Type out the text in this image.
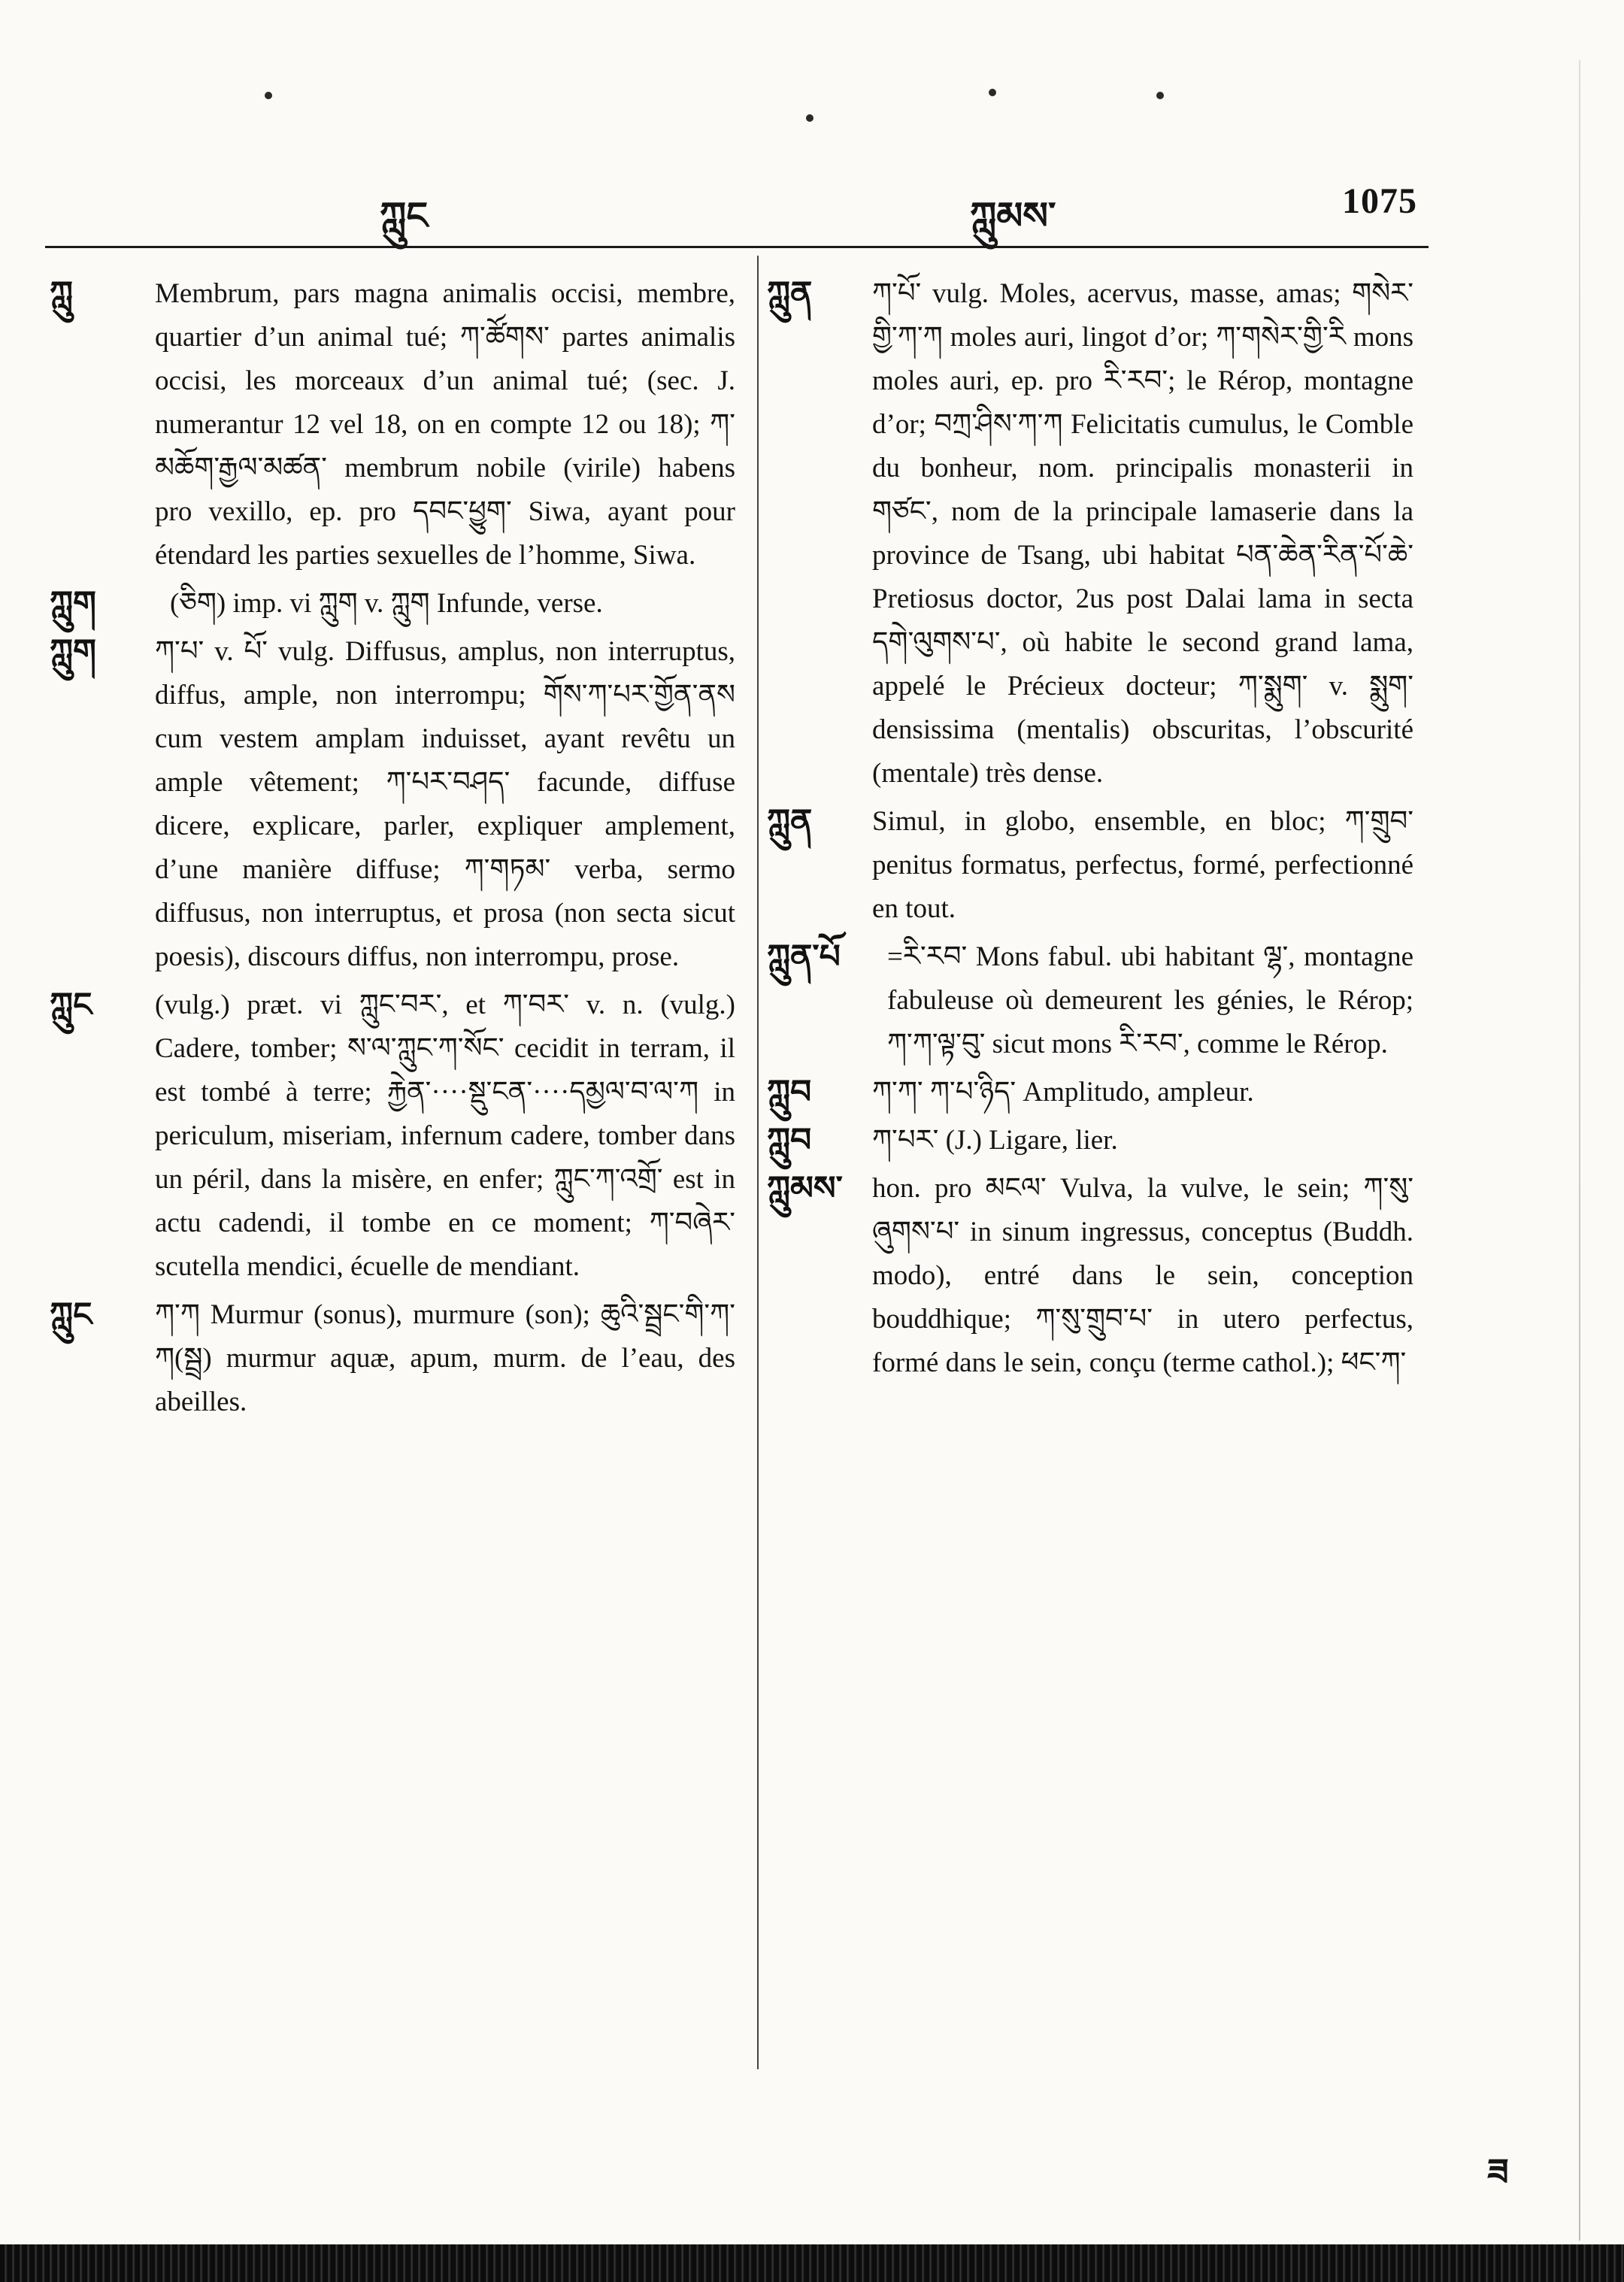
ཀླུང	ཀླུམས་	1075
ཀླུ	Membrum, pars magna animalis occisi, membre, quartier d’un animal tué; ཀ་ཚོགས་ partes animalis occisi, les morceaux d’un animal tué; (sec. J. numerantur 12 vel 18, on en compte 12 ou 18); ཀ་མཆོག་རྒྱལ་མཚན་ membrum nobile (virile) habens pro vexillo, ep. pro དབང་ཕྱུག་ Siwa, ayant pour étendard les parties sexuelles de l’homme, Siwa.
ཀླུག	(ཅིག) imp. vi ཀླུག v. ཀླུག Infunde, verse.
ཀླུག ཀ་པ་ v. པོ་ vulg. Diffusus, amplus, non interruptus, diffus, ample, non interrompu; གོས་ཀ་པར་གྱོན་ནས cum vestem amplam induisset, ayant revêtu un ample vêtement; ཀ་པར་བཤད་ facunde, diffuse dicere, explicare, parler, expliquer amplement, d’une manière diffuse; ཀ་གཏམ་ verba, sermo diffusus, non interruptus, et prosa (non secta sicut poesis), discours diffus, non interrompu, prose.
ཀླུང (vulg.) præt. vi ཀླུང་བར་, et ཀ་བར་ v. n. (vulg.) Cadere, tomber; ས་ལ་ཀླུང་ཀ་སོང་ cecidit in terram, il est tombé à terre; རྐྱེན་····སྡུ་ངན་····དམྱལ་བ་ལ་ཀ in periculum, miseriam, infernum cadere, tomber dans un péril, dans la misère, en enfer; ཀླུང་ཀ་འགྲོ་ est in actu cadendi, il tombe en ce moment; ཀ་བཞེར་ scutella mendici, écuelle de mendiant.
ཀླུང ཀ་ཀ Murmur (sonus), murmure (son); ཆུའི་སྦྲང་གི་ཀ་ཀ(སྦྲ) murmur aquæ, apum, murm. de l’eau, des abeilles.
ཀླུན ཀ་པོ་ vulg. Moles, acervus, masse, amas; གསེར་གྱི་ཀ་ཀ moles auri, lingot d’or; ཀ་གསེར་གྱི་རི mons moles auri, ep. pro རི་རབ་; le Rérop, montagne d’or; བཀྲ་ཤིས་ཀ་ཀ Felicitatis cumulus, le Comble du bonheur, nom. principalis monasterii in གཙང་, nom de la principale lamaserie dans la province de Tsang, ubi habitat པན་ཆེན་རིན་པོ་ཆེ་ Pretiosus doctor, 2us post Dalai lama in secta དགེ་ལུགས་པ་, où habite le second grand lama, appelé le Précieux docteur; ཀ་སྨུག་ v. སྨུག་ densissima (mentalis) obscuritas, l’obscurité (mentale) très dense.
ཀླུན Simul, in globo, ensemble, en bloc; ཀ་གྲུབ་ penitus formatus, perfectus, formé, perfectionné en tout.
ཀླུན་པོ =རི་རབ་ Mons fabul. ubi habitant ལྷ་, montagne fabuleuse où demeurent les génies, le Rérop; ཀ་ཀ་ལྟ་བུ་ sicut mons རི་རབ་, comme le Rérop.
ཀླུབ ཀ་ཀ་ ཀ་པ་ཉིད་ Amplitudo, ampleur.
ཀླུབ ཀ་པར་ (J.) Ligare, lier.
ཀླུམས་ hon. pro མངལ་ Vulva, la vulve, le sein; ཀ་སུ་ཞུགས་པ་ in sinum ingressus, conceptus (Buddh. modo), entré dans le sein, conception bouddhique; ཀ་སུ་གྲུབ་པ་ in utero perfectus, formé dans le sein, conçu (terme cathol.); ཕང་ཀ་
ཟ
